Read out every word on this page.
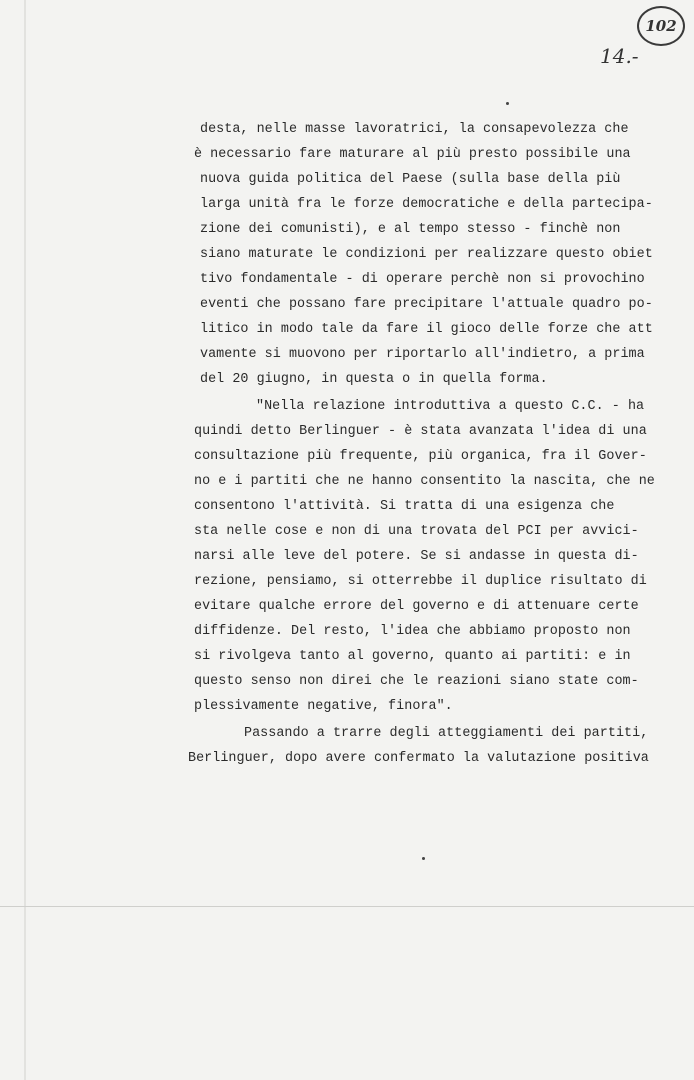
102
14.-
desta, nelle masse lavoratrici, la consapevolezza che
è necessario fare maturare al più presto possibile una
nuova guida politica del Paese (sulla base della più
larga unità fra le forze democratiche e della partecipa-
zione dei comunisti), e al tempo stesso - finchè non
siano maturate le condizioni per realizzare questo obiet
tivo fondamentale - di operare perchè non si provochino
eventi che possano fare precipitare l'attuale quadro po-
litico in modo tale da fare il gioco delle forze che att
vamente si muovono per riportarlo all'indietro, a prima
del 20 giugno, in questa o in quella forma.
"Nella relazione introduttiva a questo C.C. - ha
quindi detto Berlinguer - è stata avanzata l'idea di una
consultazione più frequente, più organica, fra il Gover-
no e i partiti che ne hanno consentito la nascita, che ne
consentono l'attività. Si tratta di una esigenza che
sta nelle cose e non di una trovata del PCI per avvici-
narsi alle leve del potere. Se si andasse in questa di-
rezione, pensiamo, si otterrebbe il duplice risultato di
evitare qualche errore del governo e di attenuare certe
diffidenze. Del resto, l'idea che abbiamo proposto non
si rivolgeva tanto al governo, quanto ai partiti: e in
questo senso non direi che le reazioni siano state com-
plessivamente negative, finora".
Passando a trarre degli atteggiamenti dei partiti,
Berlinguer, dopo avere confermato la valutazione positiva
